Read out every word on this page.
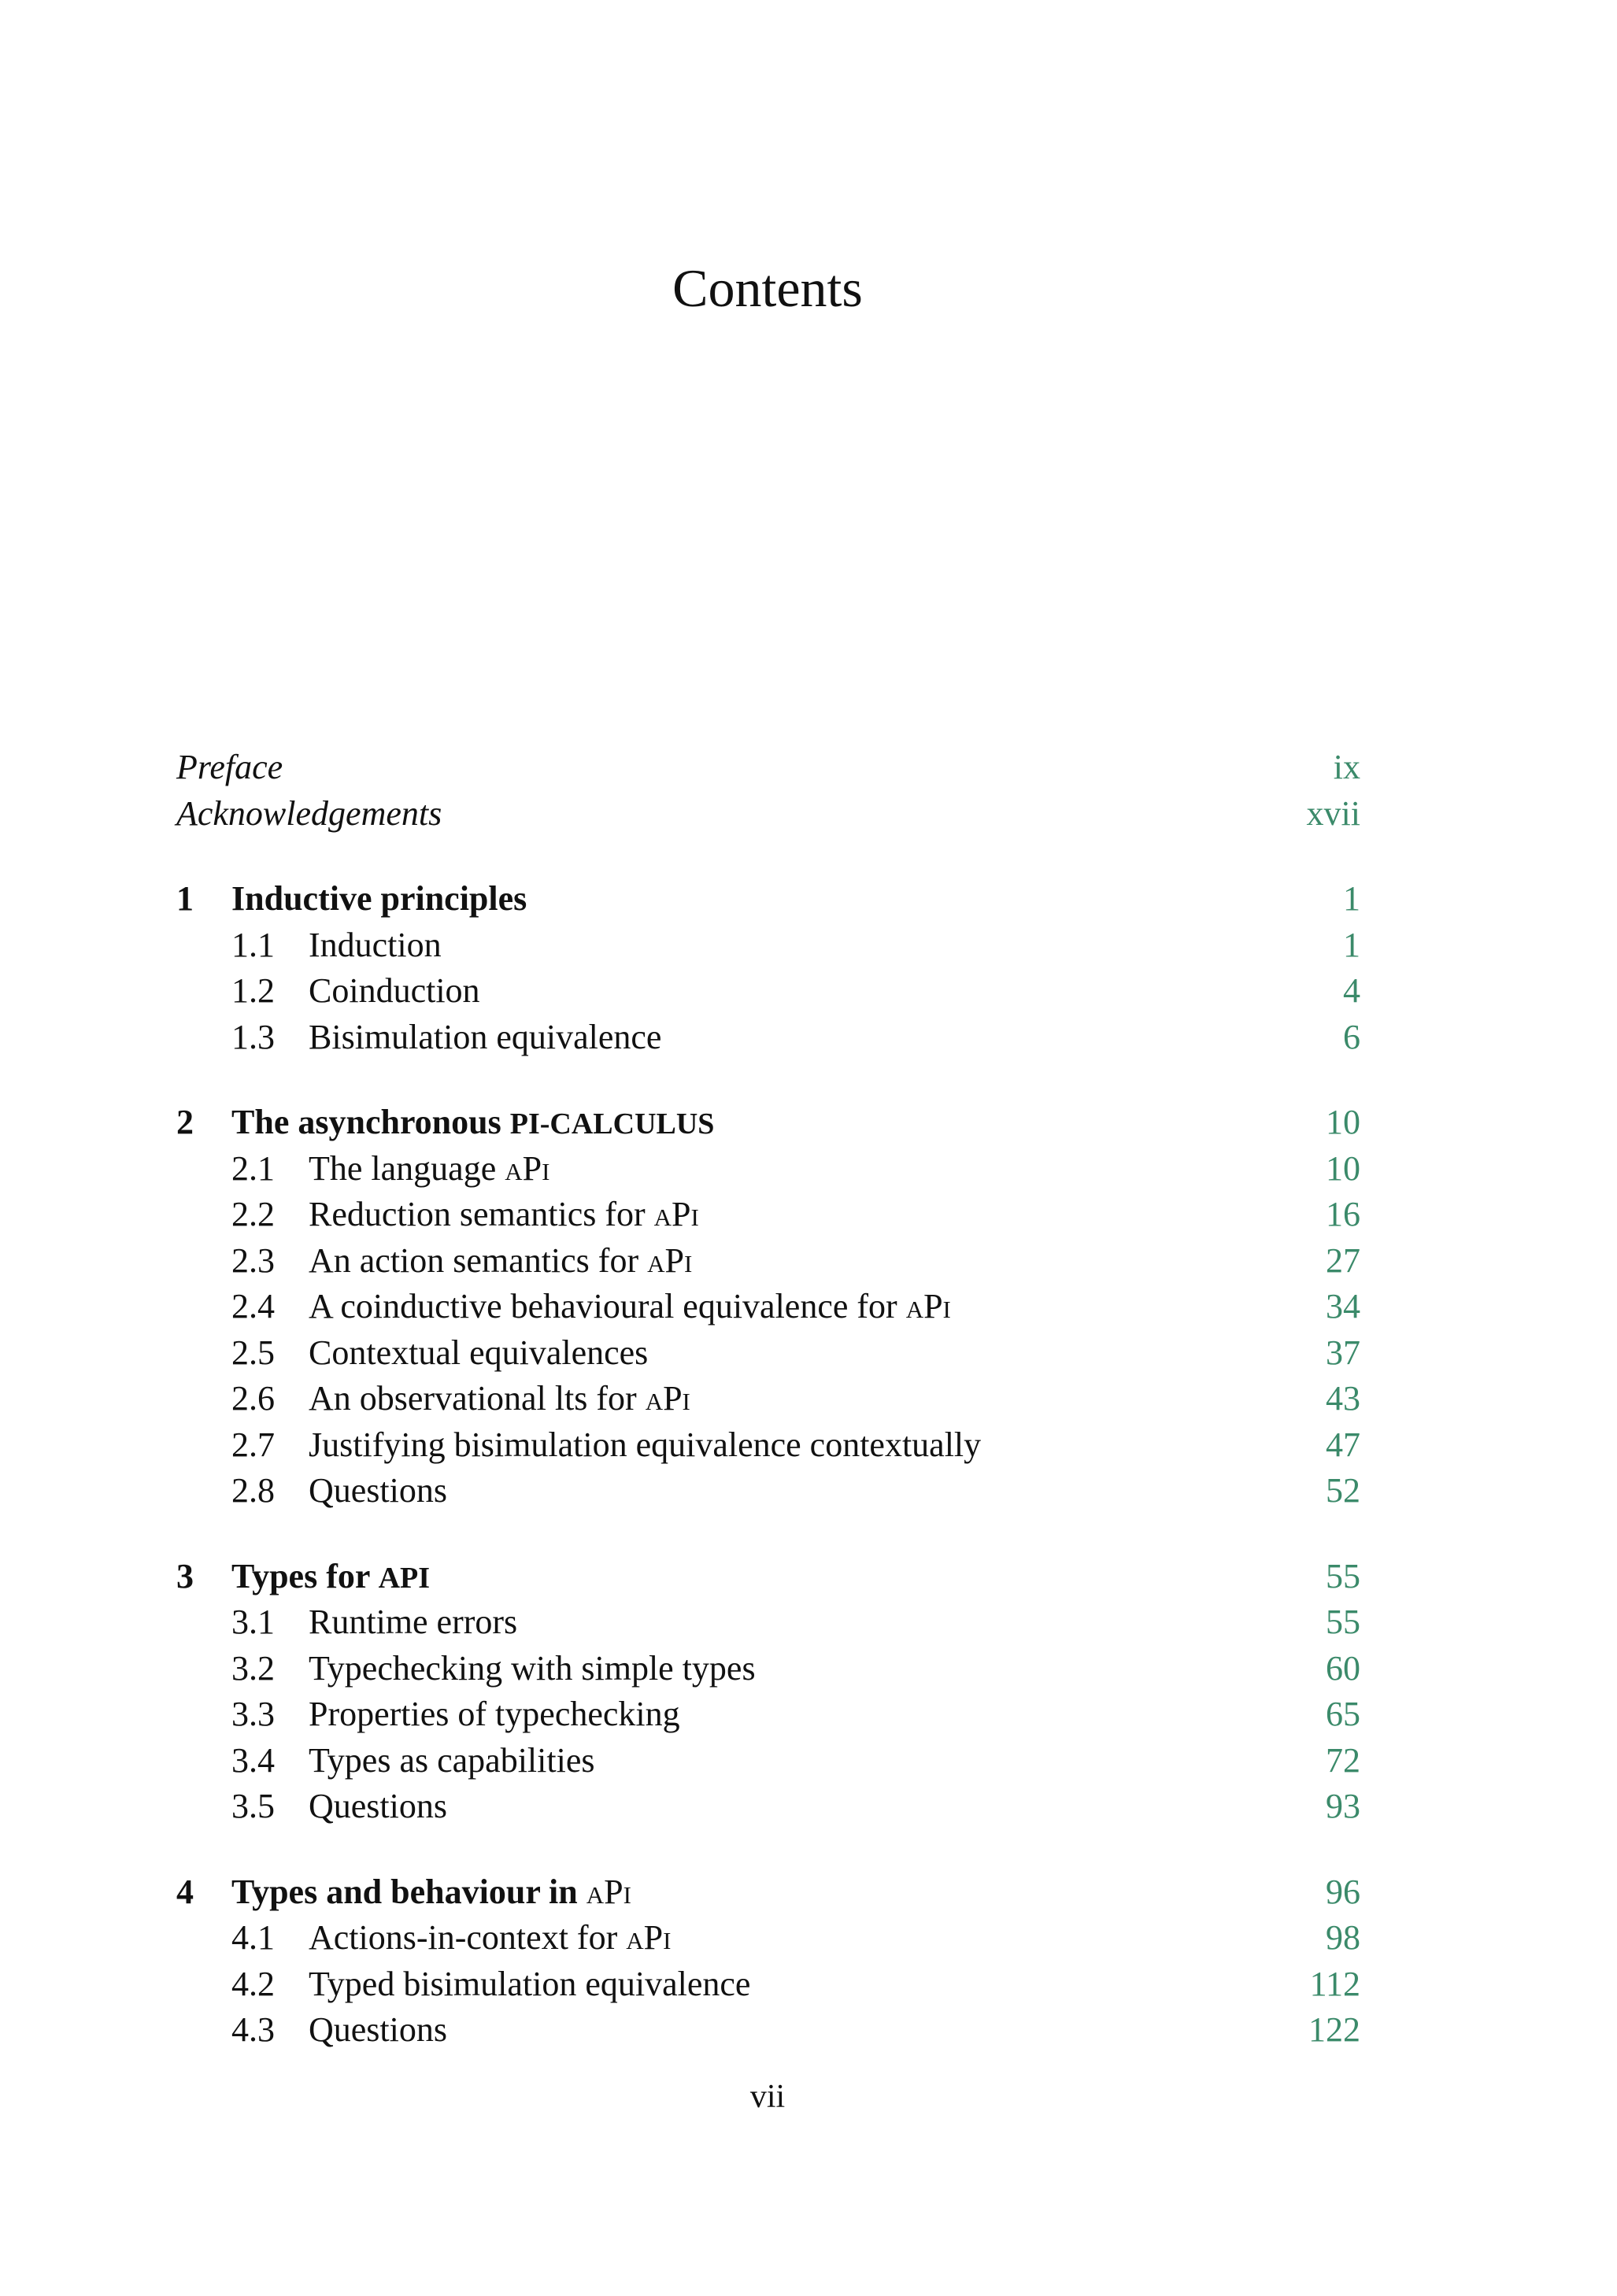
Contents
Preface	ix
Acknowledgements	xvii
1 Inductive principles	1
1.1 Induction	1
1.2 Coinduction	4
1.3 Bisimulation equivalence	6
2 The asynchronous PI-CALCULUS	10
2.1 The language aPi	10
2.2 Reduction semantics for aPi	16
2.3 An action semantics for aPi	27
2.4 A coinductive behavioural equivalence for aPi	34
2.5 Contextual equivalences	37
2.6 An observational lts for aPi	43
2.7 Justifying bisimulation equivalence contextually	47
2.8 Questions	52
3 Types for API	55
3.1 Runtime errors	55
3.2 Typechecking with simple types	60
3.3 Properties of typechecking	65
3.4 Types as capabilities	72
3.5 Questions	93
4 Types and behaviour in aPi	96
4.1 Actions-in-context for aPi	98
4.2 Typed bisimulation equivalence	112
4.3 Questions	122
vii
